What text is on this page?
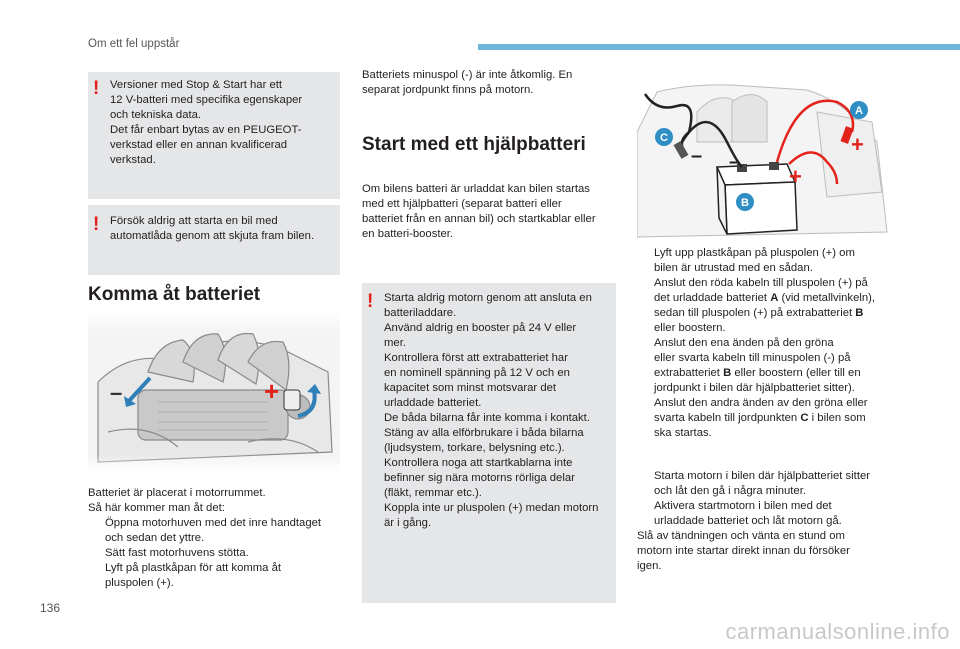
Om ett fel uppstår
! Versioner med Stop & Start har ett
12 V-batteri med specifika egenskaper
och tekniska data.
Det får enbart bytas av en PEUGEOT-
verkstad eller en annan kvalificerad
verkstad.
! Försök aldrig att starta en bil med
automatlåda genom att skjuta fram bilen.
Komma åt batteriet
–	+
Batteriet är placerat i motorrummet.
Så här kommer man åt det:
Öppna motorhuven med det inre handtaget
och sedan det yttre.
Sätt fast motorhuvens stötta.
Lyft på plastkåpan för att komma åt
pluspolen (+).
Batteriets minuspol (-) är inte åtkomlig. En
separat jordpunkt finns på motorn.
Start med ett hjälpbatteri
Om bilens batteri är urladdat kan bilen startas
med ett hjälpbatteri (separat batteri eller
batteriet från en annan bil) och startkablar eller
en batteri-booster.
! Starta aldrig motorn genom att ansluta en
batteriladdare.
Använd aldrig en booster på 24 V eller
mer.
Kontrollera först att extrabatteriet har
en nominell spänning på 12 V och en
kapacitet som minst motsvarar det
urladdade batteriet.
De båda bilarna får inte komma i kontakt.
Stäng av alla elförbrukare i båda bilarna
(ljudsystem, torkare, belysning etc.).
Kontrollera noga att startkablarna inte
befinner sig nära motorns rörliga delar
(fläkt, remmar etc.).
Koppla inte ur pluspolen (+) medan motorn
är i gång.
A
B
C
– –
+
+
Lyft upp plastkåpan på pluspolen (+) om
bilen är utrustad med en sådan.
Anslut den röda kabeln till pluspolen (+) på
det urladdade batteriet A (vid metallvinkeln),
sedan till pluspolen (+) på extrabatteriet B
eller boostern.
Anslut den ena änden på den gröna
eller svarta kabeln till minuspolen (-) på
extrabatteriet B eller boostern (eller till en
jordpunkt i bilen där hjälpbatteriet sitter).
Anslut den andra änden av den gröna eller
svarta kabeln till jordpunkten C i bilen som
ska startas.
Starta motorn i bilen där hjälpbatteriet sitter
och låt den gå i några minuter.
Aktivera startmotorn i bilen med det
urladdade batteriet och låt motorn gå.
Slå av tändningen och vänta en stund om
motorn inte startar direkt innan du försöker
igen.
136
carmanualsonline.info
